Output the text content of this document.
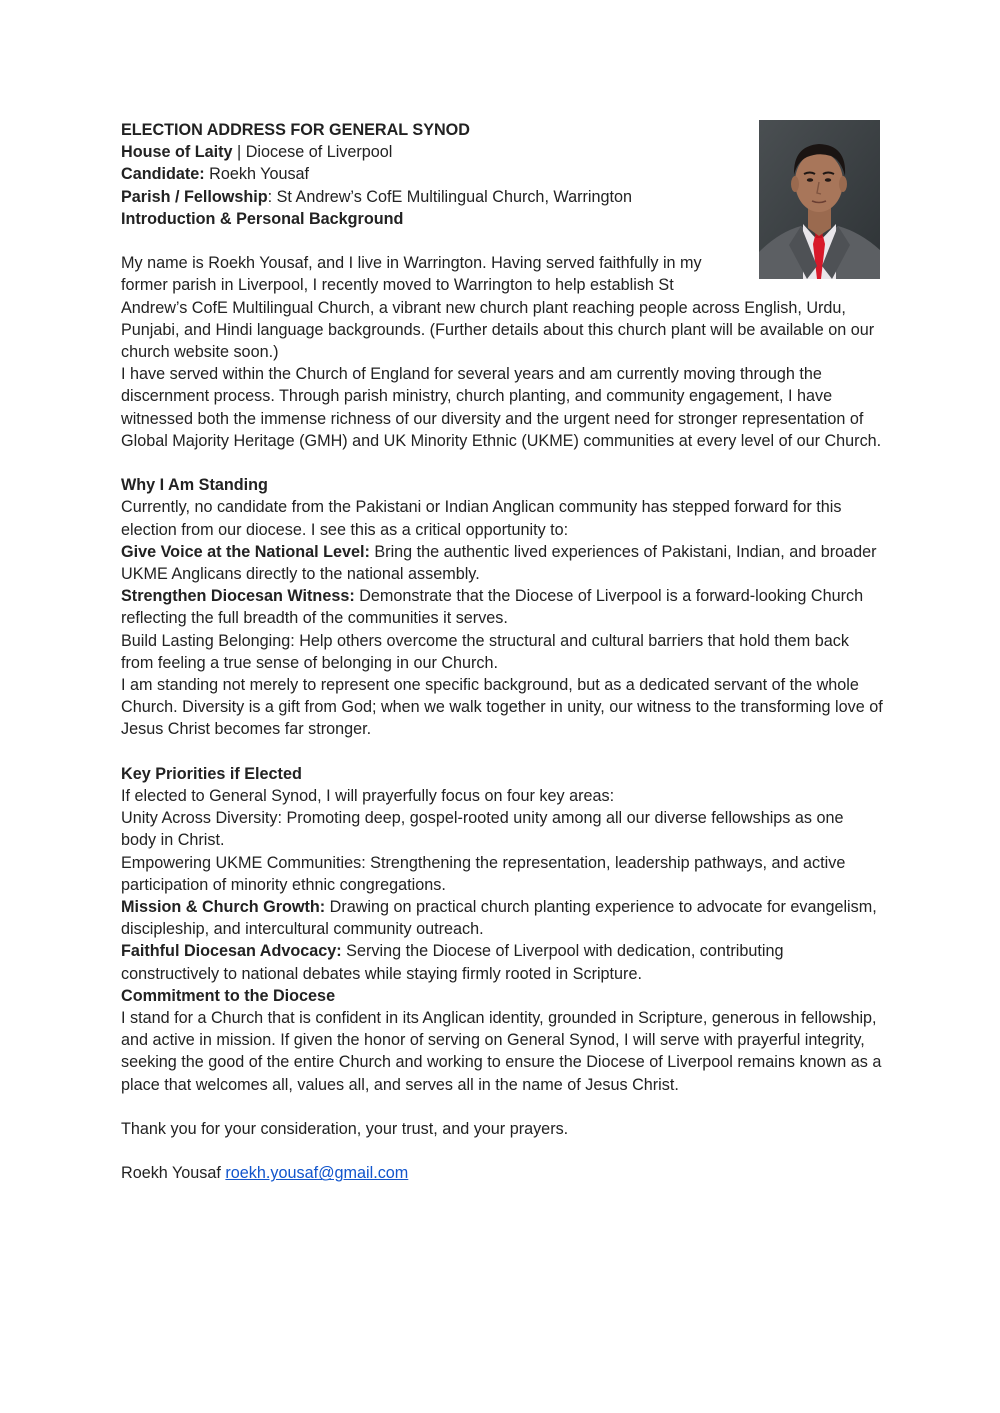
ELECTION ADDRESS FOR GENERAL SYNOD
House of Laity | Diocese of Liverpool
Candidate: Roekh Yousaf
Parish / Fellowship: St Andrew’s CofE Multilingual Church, Warrington
Introduction & Personal Background
My name is Roekh Yousaf, and I live in Warrington. Having served faithfully in my
former parish in Liverpool, I recently moved to Warrington to help establish St
Andrew’s CofE Multilingual Church, a vibrant new church plant reaching people across English, Urdu, Punjabi, and Hindi language backgrounds. (Further details about this church plant will be available on our church website soon.)
I have served within the Church of England for several years and am currently moving through the discernment process. Through parish ministry, church planting, and community engagement, I have witnessed both the immense richness of our diversity and the urgent need for stronger representation of Global Majority Heritage (GMH) and UK Minority Ethnic (UKME) communities at every level of our Church.
Why I Am Standing
Currently, no candidate from the Pakistani or Indian Anglican community has stepped forward for this election from our diocese. I see this as a critical opportunity to:
Give Voice at the National Level: Bring the authentic lived experiences of Pakistani, Indian, and broader UKME Anglicans directly to the national assembly.
Strengthen Diocesan Witness: Demonstrate that the Diocese of Liverpool is a forward-looking Church reflecting the full breadth of the communities it serves.
Build Lasting Belonging: Help others overcome the structural and cultural barriers that hold them back from feeling a true sense of belonging in our Church.
I am standing not merely to represent one specific background, but as a dedicated servant of the whole Church. Diversity is a gift from God; when we walk together in unity, our witness to the transforming love of Jesus Christ becomes far stronger.
Key Priorities if Elected
If elected to General Synod, I will prayerfully focus on four key areas:
Unity Across Diversity: Promoting deep, gospel-rooted unity among all our diverse fellowships as one body in Christ.
Empowering UKME Communities: Strengthening the representation, leadership pathways, and active participation of minority ethnic congregations.
Mission & Church Growth: Drawing on practical church planting experience to advocate for evangelism, discipleship, and intercultural community outreach.
Faithful Diocesan Advocacy: Serving the Diocese of Liverpool with dedication, contributing constructively to national debates while staying firmly rooted in Scripture.
Commitment to the Diocese
I stand for a Church that is confident in its Anglican identity, grounded in Scripture, generous in fellowship, and active in mission. If given the honor of serving on General Synod, I will serve with prayerful integrity, seeking the good of the entire Church and working to ensure the Diocese of Liverpool remains known as a place that welcomes all, values all, and serves all in the name of Jesus Christ.
Thank you for your consideration, your trust, and your prayers.
Roekh Yousaf roekh.yousaf@gmail.com
